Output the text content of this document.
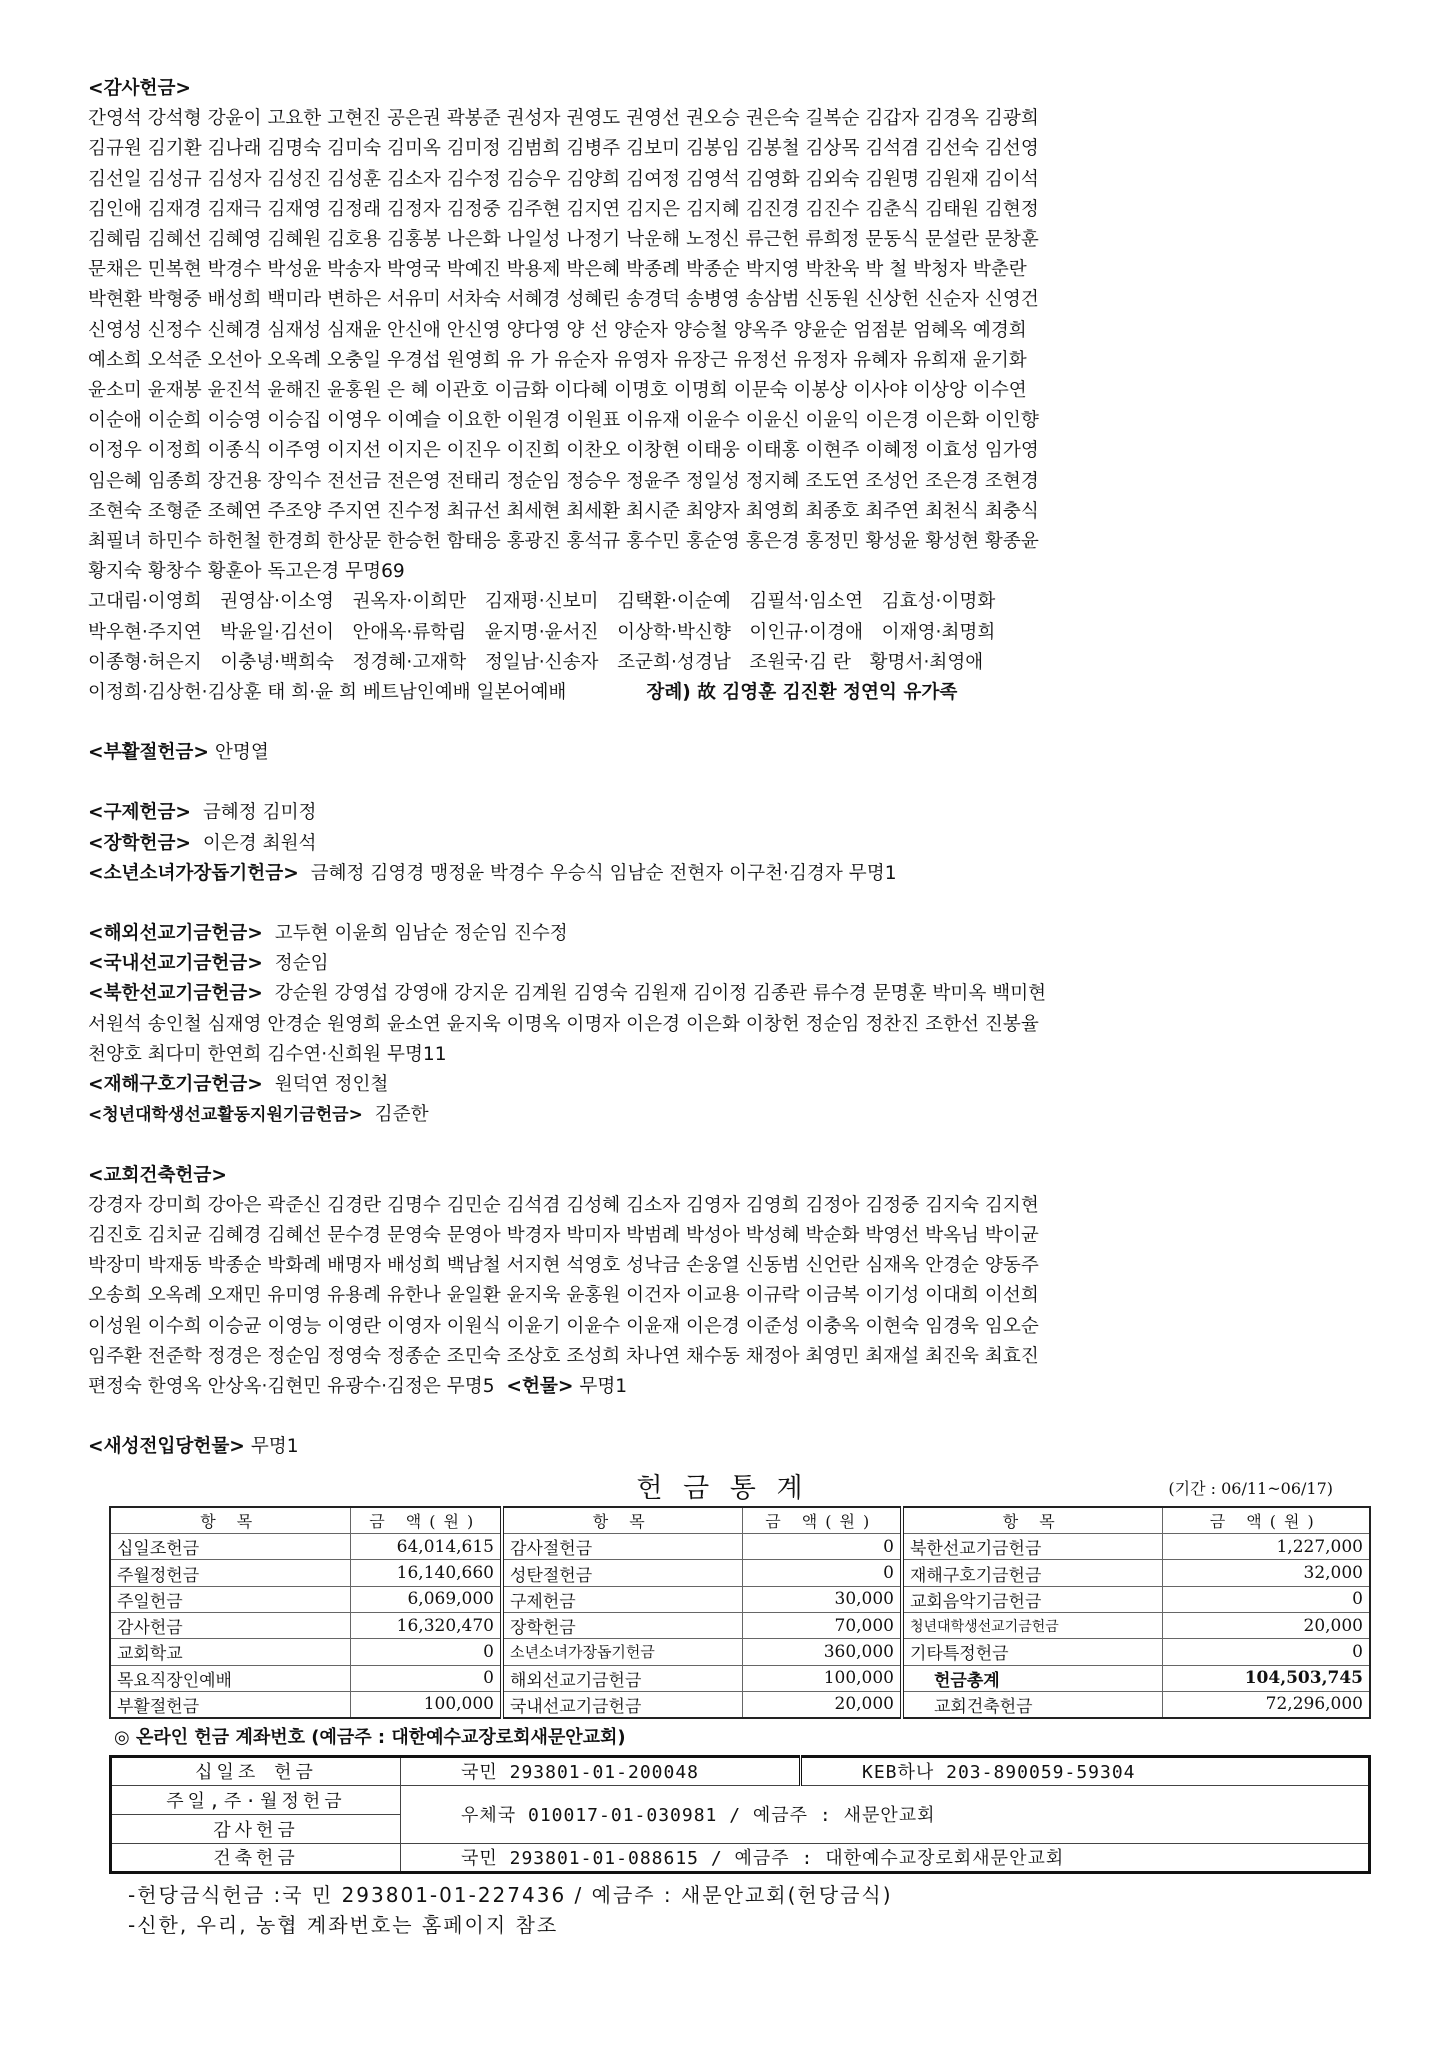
<감사헌금>

간영석 강석형 강윤이 고요한 고현진 공은권 곽봉준 권성자 권영도 권영선 권오승 권은숙 길복순 김갑자 김경옥 김광희

김규원 김기환 김나래 김명숙 김미숙 김미옥 김미정 김범희 김병주 김보미 김봉임 김봉철 김상목 김석겸 김선숙 김선영

김선일 김성규 김성자 김성진 김성훈 김소자 김수정 김승우 김양희 김여정 김영석 김영화 김외숙 김원명 김원재 김이석

김인애 김재경 김재극 김재영 김정래 김정자 김정중 김주현 김지연 김지은 김지혜 김진경 김진수 김춘식 김태원 김현정

김혜림 김혜선 김혜영 김혜원 김호용 김홍봉 나은화 나일성 나정기 낙운해 노정신 류근헌 류희정 문동식 문설란 문창훈

문채은 민복현 박경수 박성윤 박송자 박영국 박예진 박용제 박은혜 박종례 박종순 박지영 박찬욱 박 철 박청자 박춘란

박현환 박형중 배성희 백미라 변하은 서유미 서차숙 서혜경 성혜린 송경덕 송병영 송삼범 신동원 신상헌 신순자 신영건

신영성 신정수 신혜경 심재성 심재윤 안신애 안신영 양다영 양 선 양순자 양승철 양옥주 양윤순 엄점분 엄혜옥 예경희

예소희 오석준 오선아 오옥례 오충일 우경섭 원영희 유 가 유순자 유영자 유장근 유정선 유정자 유혜자 유희재 윤기화

윤소미 윤재봉 윤진석 윤해진 윤홍원 은 혜 이관호 이금화 이다혜 이명호 이명희 이문숙 이봉상 이사야 이상앙 이수연

이순애 이순희 이승영 이승집 이영우 이예슬 이요한 이원경 이원표 이유재 이윤수 이윤신 이윤익 이은경 이은화 이인향

이정우 이정희 이종식 이주영 이지선 이지은 이진우 이진희 이찬오 이창현 이태웅 이태홍 이현주 이혜정 이효성 임가영

임은혜 임종희 장건용 장익수 전선금 전은영 전태리 정순임 정승우 정윤주 정일성 정지혜 조도연 조성언 조은경 조현경

조현숙 조형준 조혜연 주조양 주지연 진수정 최규선 최세현 최세환 최시준 최양자 최영희 최종호 최주연 최천식 최충식

최필녀 하민수 하헌철 한경희 한상문 한승헌 함태응 홍광진 홍석규 홍수민 홍순영 홍은경 홍정민 황성윤 황성현 황종윤

황지숙 황창수 황훈아 독고은경 무명69

고대림·이영희　권영삼·이소영　권옥자·이희만　김재평·신보미　김택환·이순예　김필석·임소연　김효성·이명화

박우현·주지연　박윤일·김선이　안애옥·류학림　윤지명·윤서진　이상학·박신향　이인규·이경애　이재영·최명희

이종형·허은지　이충녕·백희숙　정경혜·고재학　정일남·신송자　조군희·성경남　조원국·김 란　황명서·최영애

이정희·김상헌·김상훈 태 희·윤 희 베트남인예배 일본어예배	장례) 故 김영훈 김진환 정연익 유가족

<부활절헌금> 안명열

<구제헌금> 금혜정 김미정

<장학헌금> 이은경 최원석

<소년소녀가장돕기헌금> 금혜정 김영경 맹정윤 박경수 우승식 임남순 전현자 이구천·김경자 무명1

<해외선교기금헌금> 고두현 이윤희 임남순 정순임 진수정

<국내선교기금헌금> 정순임

<북한선교기금헌금> 강순원 강영섭 강영애 강지운 김계원 김영숙 김원재 김이정 김종관 류수경 문명훈 박미옥 백미현

서원석 송인철 심재영 안경순 원영희 윤소연 윤지욱 이명옥 이명자 이은경 이은화 이창헌 정순임 정찬진 조한선 진봉율

천양호 최다미 한연희 김수연·신희원 무명11

<재해구호기금헌금> 원덕연 정인철

<청년대학생선교활동지원기금헌금> 김준한

<교회건축헌금>

강경자 강미희 강아은 곽준신 김경란 김명수 김민순 김석겸 김성혜 김소자 김영자 김영희 김정아 김정중 김지숙 김지현

김진호 김치균 김혜경 김혜선 문수경 문영숙 문영아 박경자 박미자 박범례 박성아 박성혜 박순화 박영선 박옥님 박이균

박장미 박재동 박종순 박화례 배명자 배성희 백남철 서지현 석영호 성낙금 손웅열 신동범 신언란 심재옥 안경순 양동주

오송희 오옥례 오재민 유미영 유용례 유한나 윤일환 윤지욱 윤홍원 이건자 이교용 이규락 이금복 이기성 이대희 이선희

이성원 이수희 이승균 이영능 이영란 이영자 이원식 이윤기 이윤수 이윤재 이은경 이준성 이충옥 이현숙 임경욱 임오순

임주환 전준학 정경은 정순임 정영숙 정종순 조민숙 조상호 조성희 차나연 채수동 채정아 최영민 최재설 최진욱 최효진

편정숙 한영옥 안상옥·김현민 유광수·김정은 무명5 <헌물> 무명1

<새성전입당헌물> 무명1

헌 금 통 계	(기간 : 06/11~06/17)
항 목	금 액(원)	항 목	금 액(원)	항 목	금 액(원)
십일조헌금	64,014,615	감사절헌금	0	북한선교기금헌금	1,227,000
주월정헌금	16,140,660	성탄절헌금	0	재해구호기금헌금	32,000
주일헌금	6,069,000	구제헌금	30,000	교회음악기금헌금	0
감사헌금	16,320,470	장학헌금	70,000	청년대학생선교기금헌금	20,000
교회학교	0	소년소녀가장돕기헌금	360,000	기타특정헌금	0
목요직장인예배	0	해외선교기금헌금	100,000	헌금총계	104,503,745
부활절헌금	100,000	국내선교기금헌금	20,000	교회건축헌금	72,296,000
◎ 온라인 헌금 계좌번호 (예금주 : 대한예수교장로회새문안교회)
십일조 헌금	국민 293801-01-200048	KEB하나 203-890059-59304
주일,주·월정헌금	우체국 010017-01-030981 / 예금주 : 새문안교회	
감사헌금		
건축헌금	국민 293801-01-088615 / 예금주 : 대한예수교장로회새문안교회	

-헌당금식헌금 :국 민 293801-01-227436 / 예금주 : 새문안교회(헌당금식)

-신한, 우리, 농협 계좌번호는 홈페이지 참조
